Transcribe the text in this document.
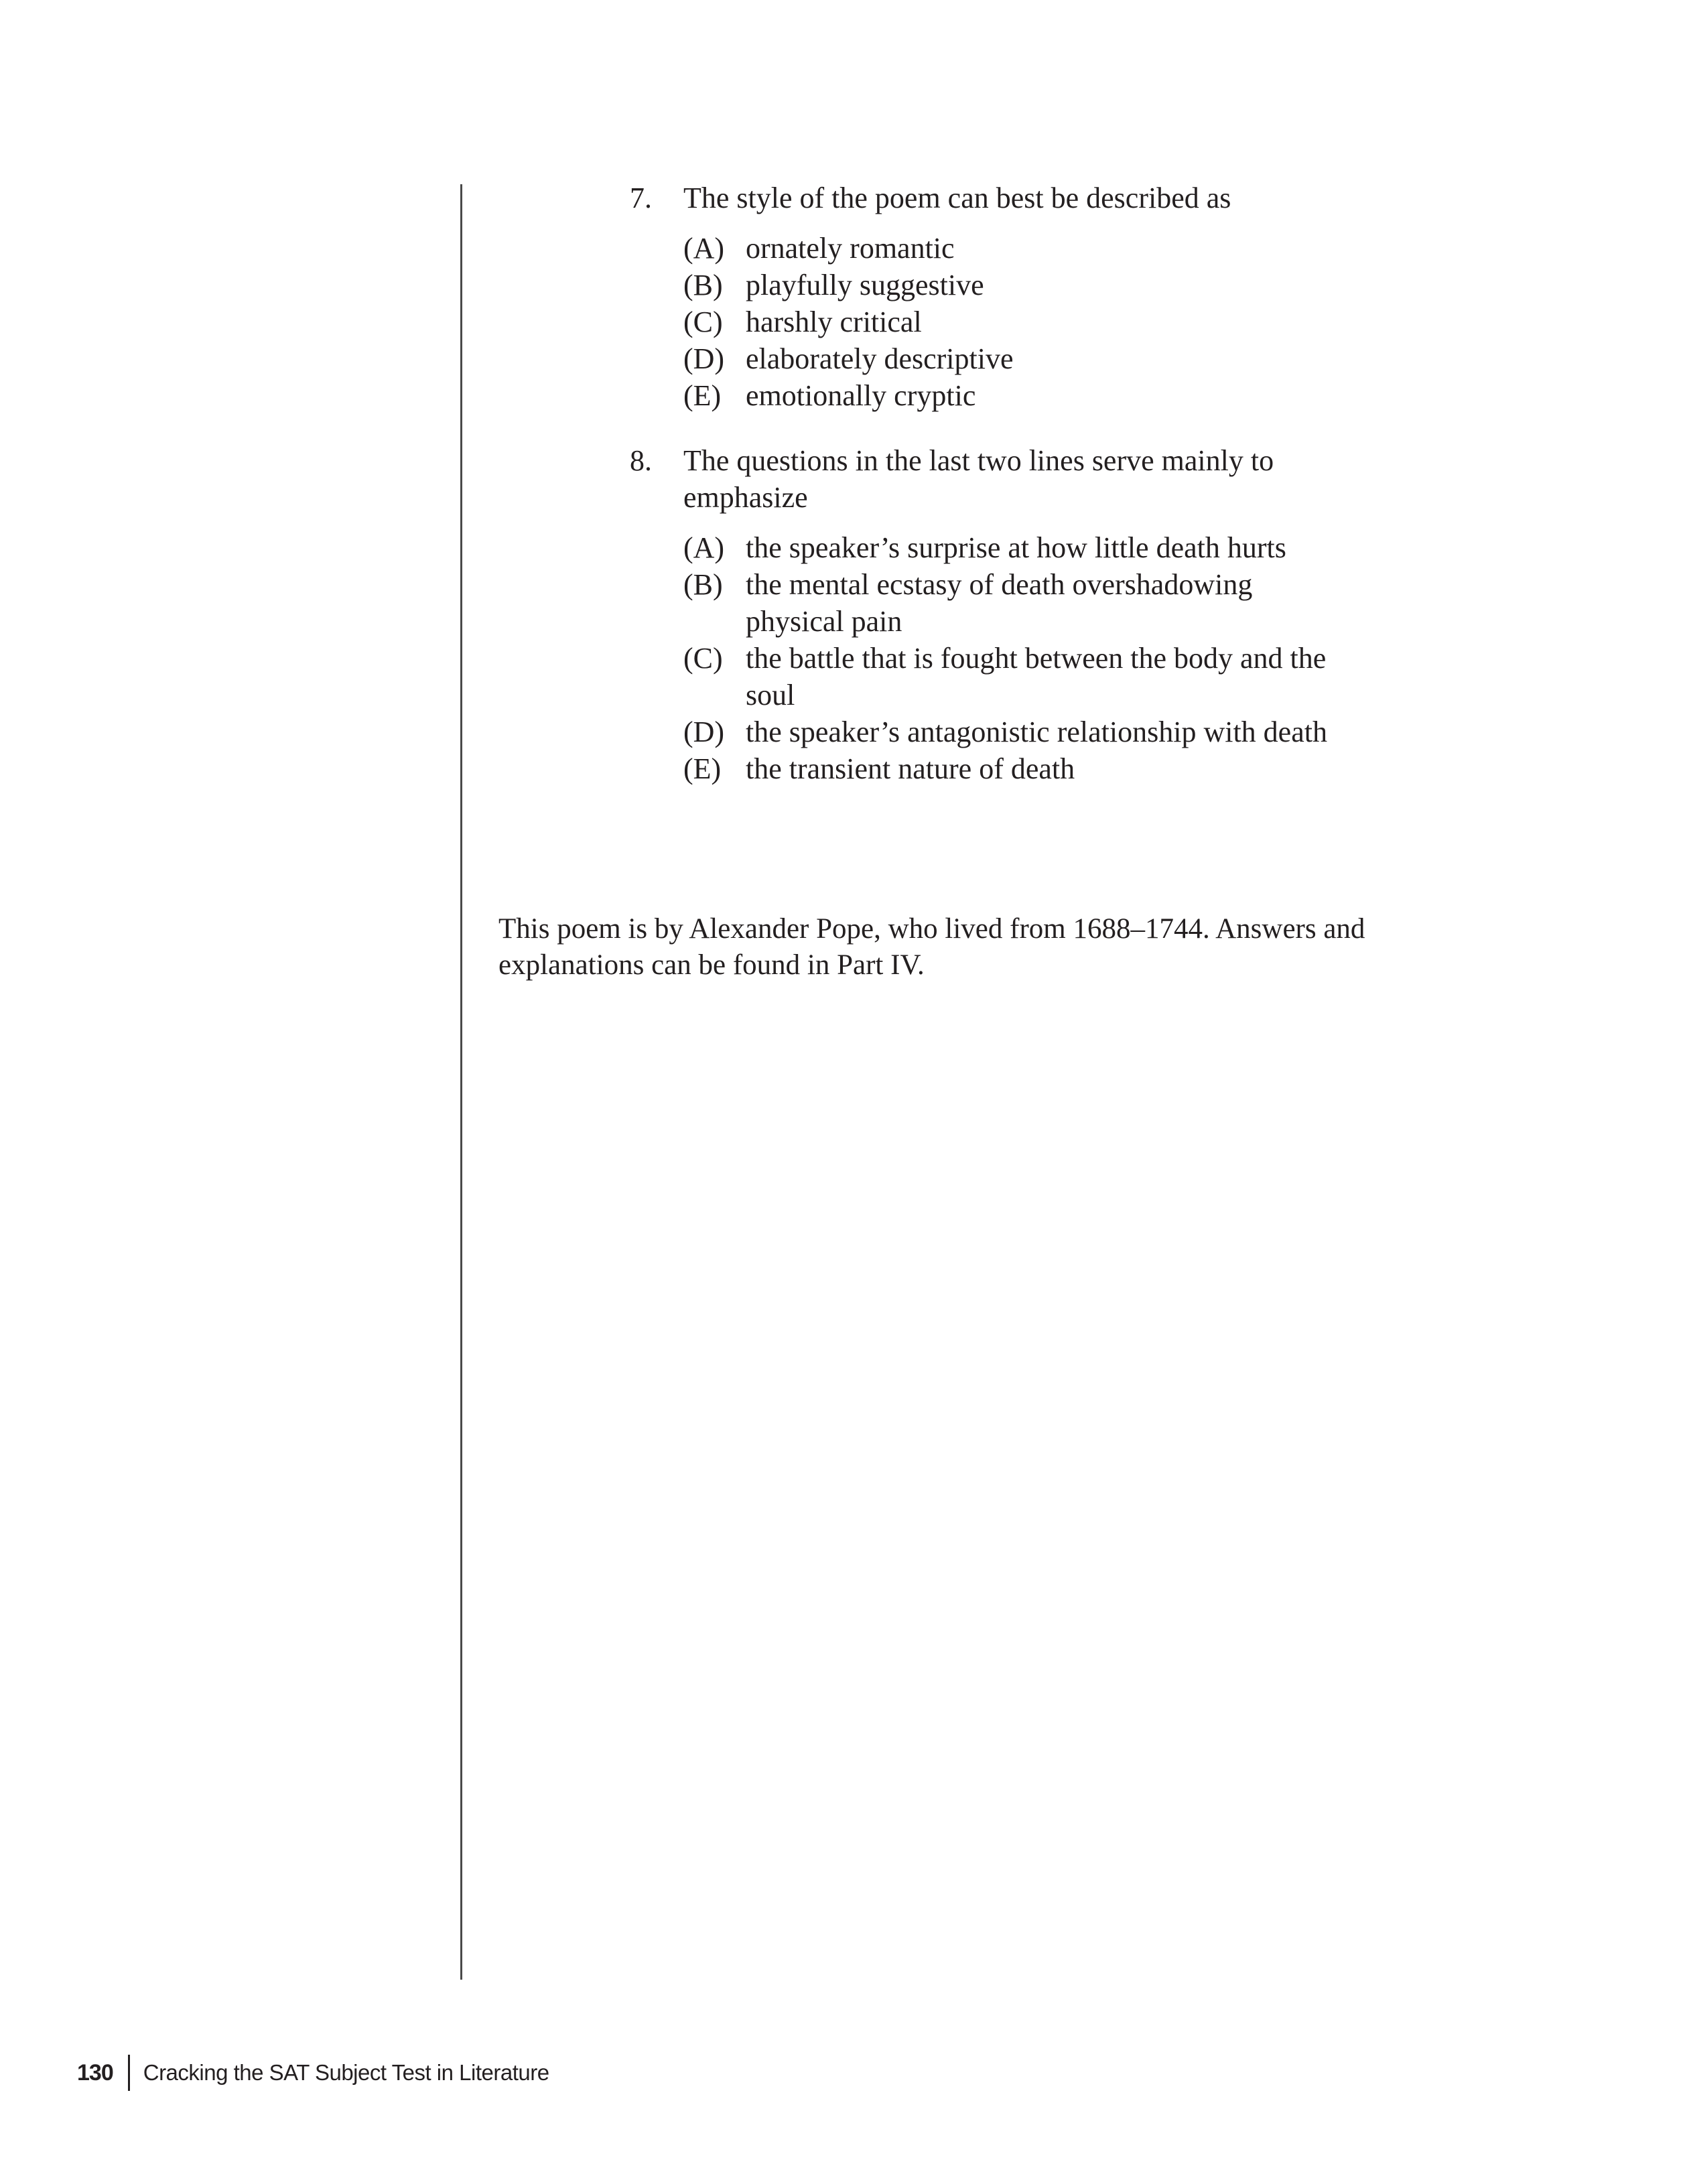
7. The style of the poem can best be described as
(A) ornately romantic
(B) playfully suggestive
(C) harshly critical
(D) elaborately descriptive
(E) emotionally cryptic
8. The questions in the last two lines serve mainly to emphasize
(A) the speaker’s surprise at how little death hurts
(B) the mental ecstasy of death overshadowing physical pain
(C) the battle that is fought between the body and the soul
(D) the speaker’s antagonistic relationship with death
(E) the transient nature of death

This poem is by Alexander Pope, who lived from 1688–1744. Answers and explanations can be found in Part IV.

130 Cracking the SAT Subject Test in Literature
